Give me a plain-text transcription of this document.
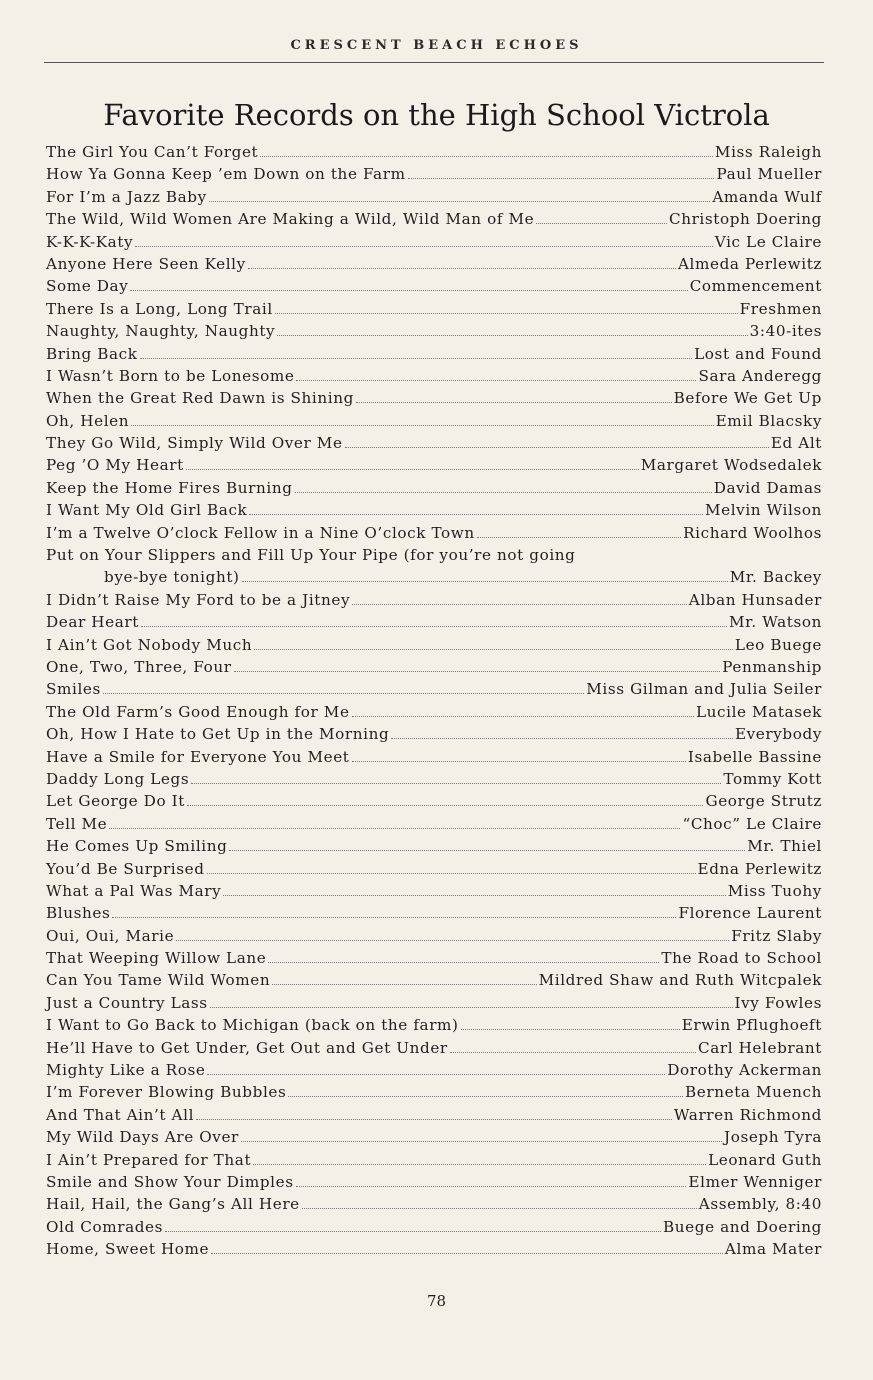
CRESCENT BEACH ECHOES
Favorite Records on the High School Victrola
The Girl You Can’t Forget	Miss Raleigh
How Ya Gonna Keep ’em Down on the Farm	Paul Mueller
For I’m a Jazz Baby	Amanda Wulf
The Wild, Wild Women Are Making a Wild, Wild Man of Me	Christoph Doering
K-K-K-Katy	Vic Le Claire
Anyone Here Seen Kelly	Almeda Perlewitz
Some Day	Commencement
There Is a Long, Long Trail	Freshmen
Naughty, Naughty, Naughty	3:40-ites
Bring Back	Lost and Found
I Wasn’t Born to be Lonesome	Sara Anderegg
When the Great Red Dawn is Shining	Before We Get Up
Oh, Helen	Emil Blacsky
They Go Wild, Simply Wild Over Me	Ed Alt
Peg ’O My Heart	Margaret Wodsedalek
Keep the Home Fires Burning	David Damas
I Want My Old Girl Back	Melvin Wilson
I’m a Twelve O’clock Fellow in a Nine O’clock Town	Richard Woolhos
Put on Your Slippers and Fill Up Your Pipe (for you’re not going
bye-bye tonight)	Mr. Backey
I Didn’t Raise My Ford to be a Jitney	Alban Hunsader
Dear Heart	Mr. Watson
I Ain’t Got Nobody Much	Leo Buege
One, Two, Three, Four	Penmanship
Smiles	Miss Gilman and Julia Seiler
The Old Farm’s Good Enough for Me	Lucile Matasek
Oh, How I Hate to Get Up in the Morning	Everybody
Have a Smile for Everyone You Meet	Isabelle Bassine
Daddy Long Legs	Tommy Kott
Let George Do It	George Strutz
Tell Me	“Choc” Le Claire
He Comes Up Smiling	Mr. Thiel
You’d Be Surprised	Edna Perlewitz
What a Pal Was Mary	Miss Tuohy
Blushes	Florence Laurent
Oui, Oui, Marie	Fritz Slaby
That Weeping Willow Lane	The Road to School
Can You Tame Wild Women	Mildred Shaw and Ruth Witcpalek
Just a Country Lass	Ivy Fowles
I Want to Go Back to Michigan (back on the farm)	Erwin Pflughoeft
He’ll Have to Get Under, Get Out and Get Under	Carl Helebrant
Mighty Like a Rose	Dorothy Ackerman
I’m Forever Blowing Bubbles	Berneta Muench
And That Ain’t All	Warren Richmond
My Wild Days Are Over	Joseph Tyra
I Ain’t Prepared for That	Leonard Guth
Smile and Show Your Dimples	Elmer Wenniger
Hail, Hail, the Gang’s All Here	Assembly, 8:40
Old Comrades	Buege and Doering
Home, Sweet Home	Alma Mater
78
